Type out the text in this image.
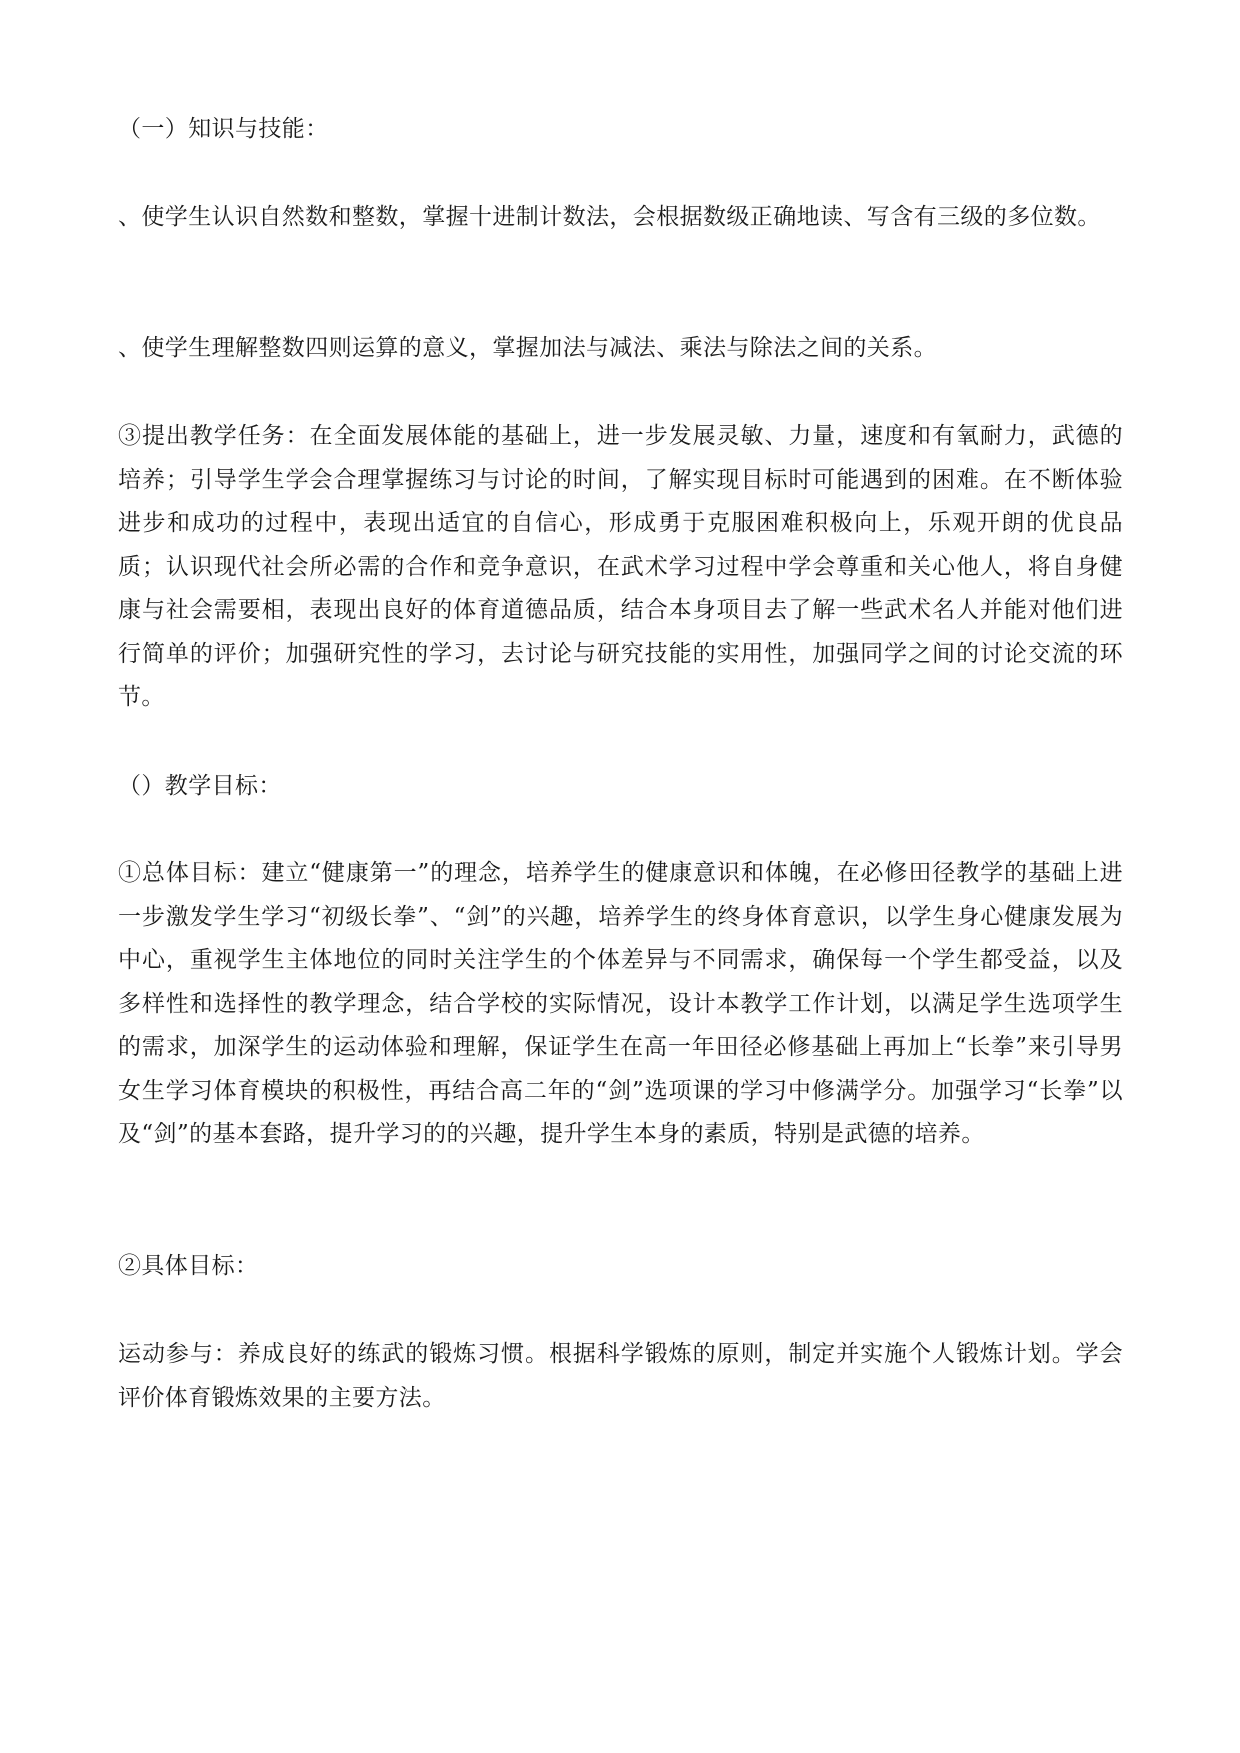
（一）知识与技能：
、使学生认识自然数和整数，掌握十进制计数法，会根据数级正确地读、写含有三级的多位数。
、使学生理解整数四则运算的意义，掌握加法与减法、乘法与除法之间的关系。
③提出教学任务：在全面发展体能的基础上，进一步发展灵敏、力量，速度和有氧耐力，武德的培养；引导学生学会合理掌握练习与讨论的时间，了解实现目标时可能遇到的困难。在不断体验进步和成功的过程中，表现出适宜的自信心，形成勇于克服困难积极向上，乐观开朗的优良品质；认识现代社会所必需的合作和竞争意识，在武术学习过程中学会尊重和关心他人，将自身健康与社会需要相，表现出良好的体育道德品质，结合本身项目去了解一些武术名人并能对他们进行简单的评价；加强研究性的学习，去讨论与研究技能的实用性，加强同学之间的讨论交流的环节。
（）教学目标：
①总体目标：建立“健康第一”的理念，培养学生的健康意识和体魄，在必修田径教学的基础上进一步激发学生学习“初级长拳”、“剑”的兴趣，培养学生的终身体育意识，以学生身心健康发展为中心，重视学生主体地位的同时关注学生的个体差异与不同需求，确保每一个学生都受益，以及多样性和选择性的教学理念，结合学校的实际情况，设计本教学工作计划，以满足学生选项学生的需求，加深学生的运动体验和理解，保证学生在高一年田径必修基础上再加上“长拳”来引导男女生学习体育模块的积极性，再结合高二年的“剑”选项课的学习中修满学分。加强学习“长拳”以及“剑”的基本套路，提升学习的的兴趣，提升学生本身的素质，特别是武德的培养。
②具体目标：
运动参与：养成良好的练武的锻炼习惯。根据科学锻炼的原则，制定并实施个人锻炼计划。学会评价体育锻炼效果的主要方法。
